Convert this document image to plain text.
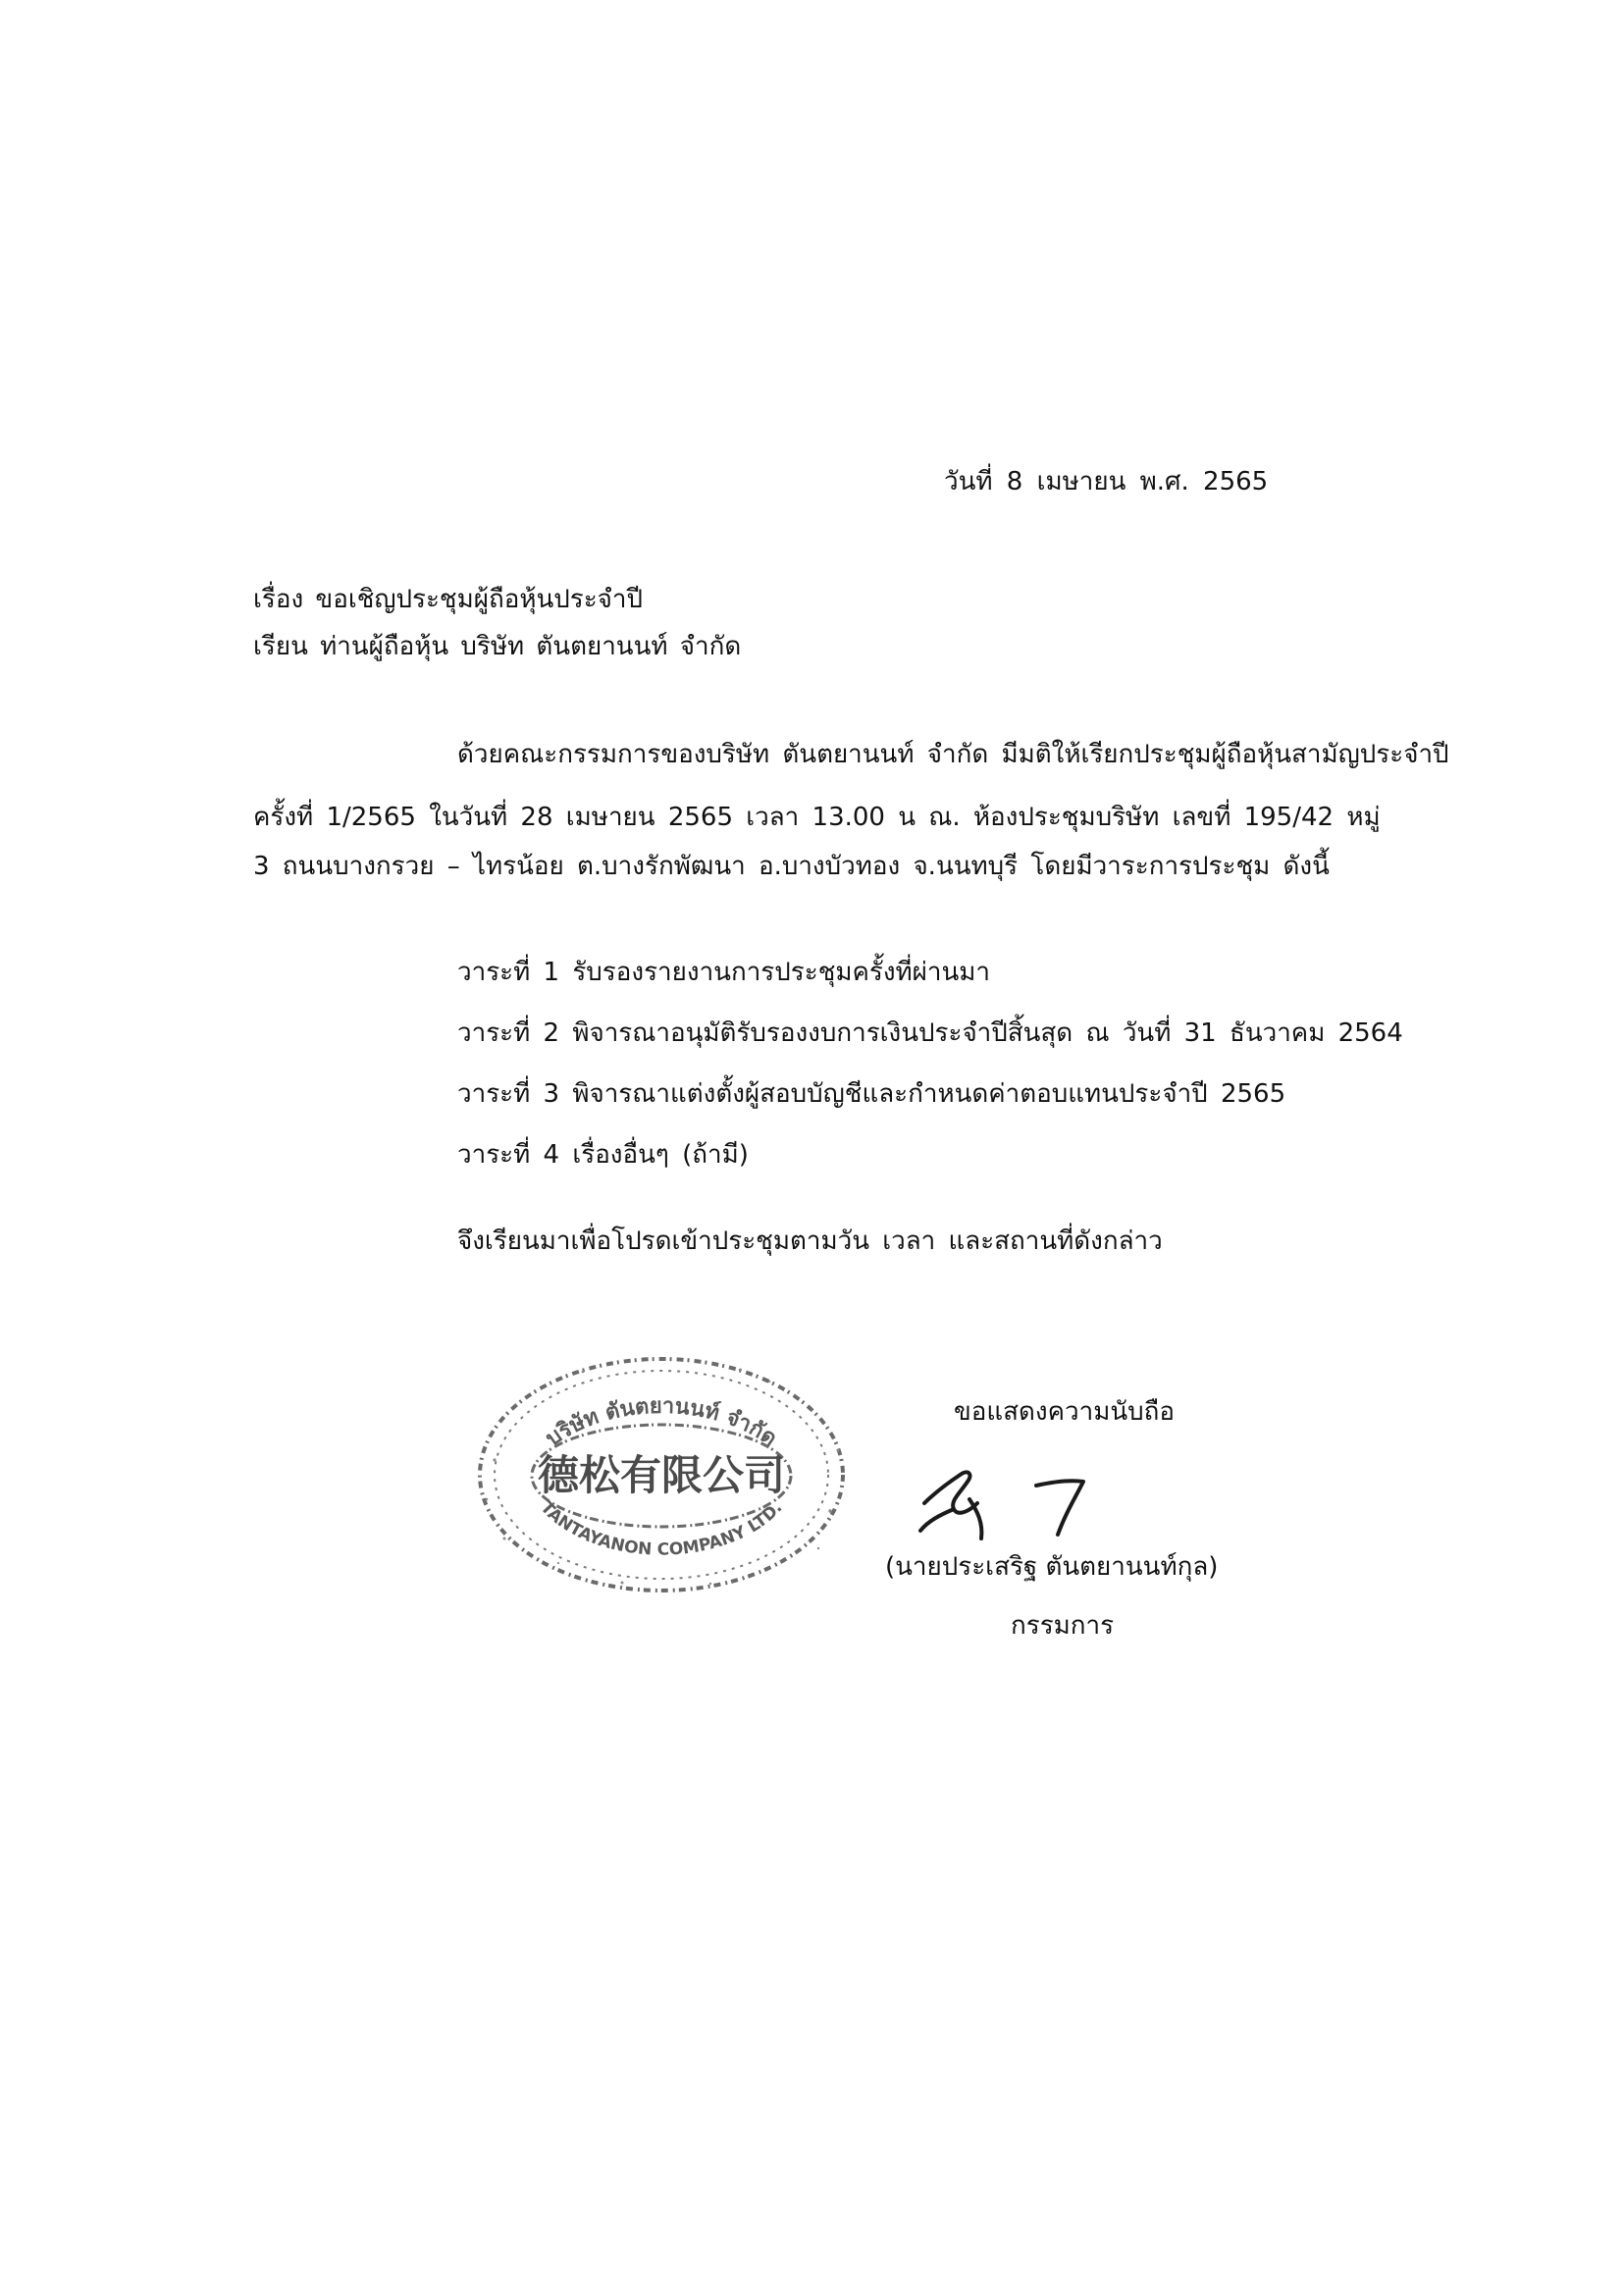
วันที่ 8 เมษายน พ.ศ. 2565
เรื่อง ขอเชิญประชุมผู้ถือหุ้นประจำปี
เรียน ท่านผู้ถือหุ้น บริษัท ตันตยานนท์ จำกัด
ด้วยคณะกรรมการของบริษัท ตันตยานนท์ จำกัด มีมติให้เรียกประชุมผู้ถือหุ้นสามัญประจำปี
ครั้งที่ 1/2565 ในวันที่ 28 เมษายน 2565 เวลา 13.00 น ณ. ห้องประชุมบริษัท เลขที่ 195/42 หมู่
3 ถนนบางกรวย – ไทรน้อย ต.บางรักพัฒนา อ.บางบัวทอง จ.นนทบุรี โดยมีวาระการประชุม ดังนี้
วาระที่ 1 รับรองรายงานการประชุมครั้งที่ผ่านมา
วาระที่ 2 พิจารณาอนุมัติรับรองงบการเงินประจำปีสิ้นสุด ณ วันที่ 31 ธันวาคม 2564
วาระที่ 3 พิจารณาแต่งตั้งผู้สอบบัญชีและกำหนดค่าตอบแทนประจำปี 2565
วาระที่ 4 เรื่องอื่นๆ (ถ้ามี)
จึงเรียนมาเพื่อโปรดเข้าประชุมตามวัน เวลา และสถานที่ดังกล่าว
บริษัท ตันตยานนท์ จำกัด
德松有限公司
TANTAYANON COMPANY LTD.
ขอแสดงความนับถือ
(นายประเสริฐ ตันตยานนท์กุล)
กรรมการ
